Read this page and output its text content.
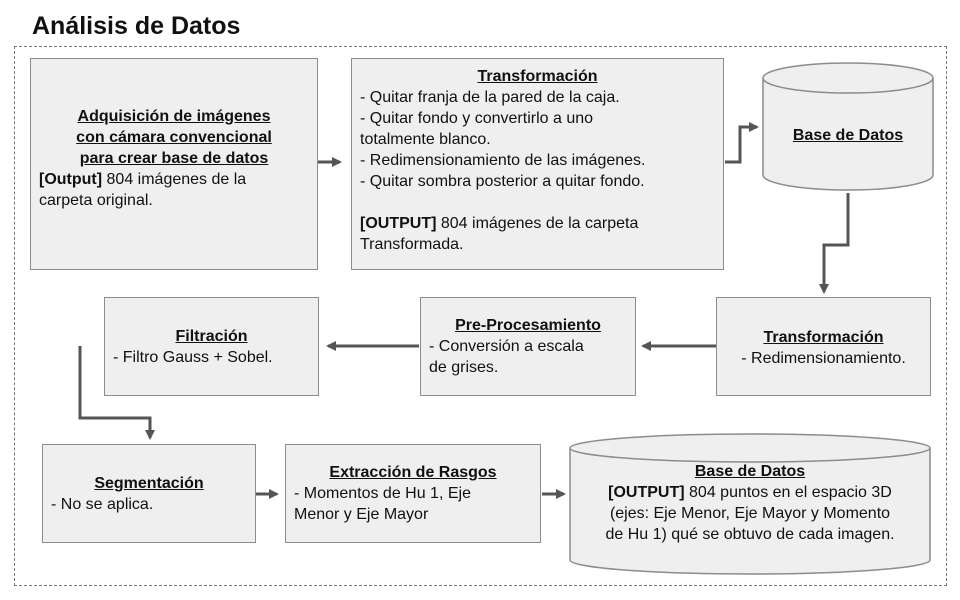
Análisis de Datos
Adquisición de imágenes
con cámara convencional
para crear base de datos
[Output] 804 imágenes de la
carpeta original.
Transformación
- Quitar franja de la pared de la caja.
- Quitar fondo y convertirlo a uno
totalmente blanco.
- Redimensionamiento de las imágenes.
- Quitar sombra posterior a quitar fondo.
[OUTPUT] 804 imágenes de la carpeta
Transformada.
Base de Datos
Transformación
- Redimensionamiento.
Pre-Procesamiento
- Conversión a escala
de grises.
Filtración
- Filtro Gauss + Sobel.
Segmentación
- No se aplica.
Extracción de Rasgos
- Momentos de Hu 1, Eje
Menor y Eje Mayor
Base de Datos
[OUTPUT] 804 puntos en el espacio 3D
(ejes: Eje Menor, Eje Mayor y Momento
de Hu 1) qué se obtuvo de cada imagen.
